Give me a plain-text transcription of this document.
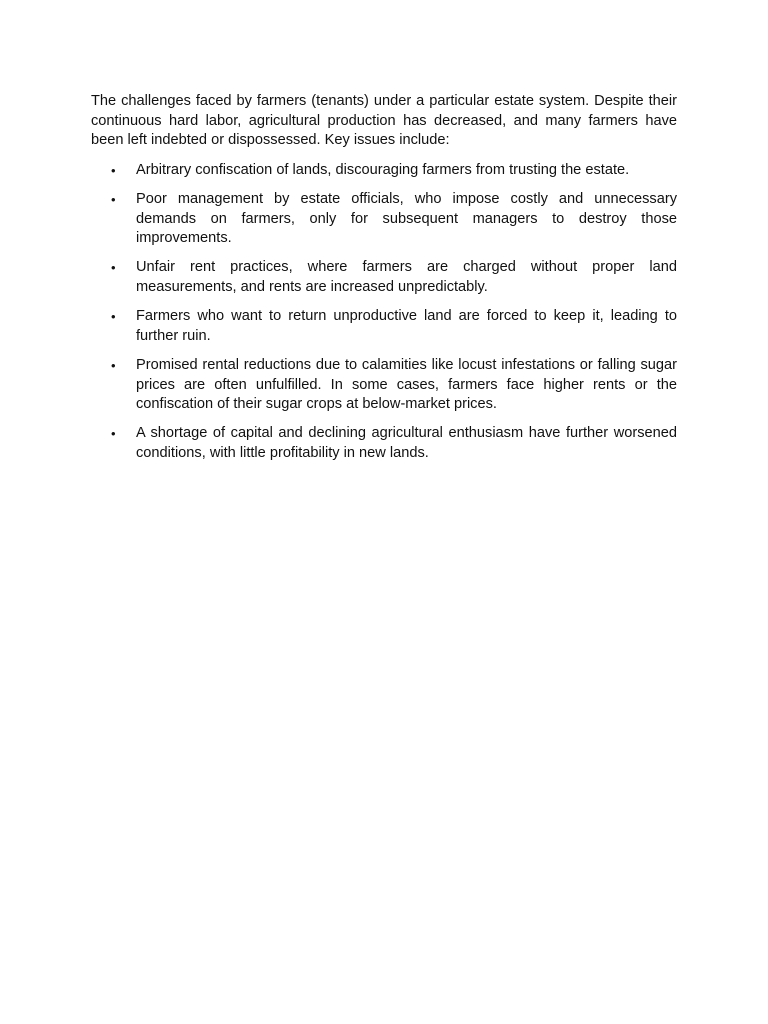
The challenges faced by farmers (tenants) under a particular estate system. Despite their continuous hard labor, agricultural production has decreased, and many farmers have been left indebted or dispossessed. Key issues include:

• Arbitrary confiscation of lands, discouraging farmers from trusting the estate.
• Poor management by estate officials, who impose costly and unnecessary demands on farmers, only for subsequent managers to destroy those improvements.
• Unfair rent practices, where farmers are charged without proper land measurements, and rents are increased unpredictably.
• Farmers who want to return unproductive land are forced to keep it, leading to further ruin.
• Promised rental reductions due to calamities like locust infestations or falling sugar prices are often unfulfilled. In some cases, farmers face higher rents or the confiscation of their sugar crops at below-market prices.
• A shortage of capital and declining agricultural enthusiasm have further worsened conditions, with little profitability in new lands.
